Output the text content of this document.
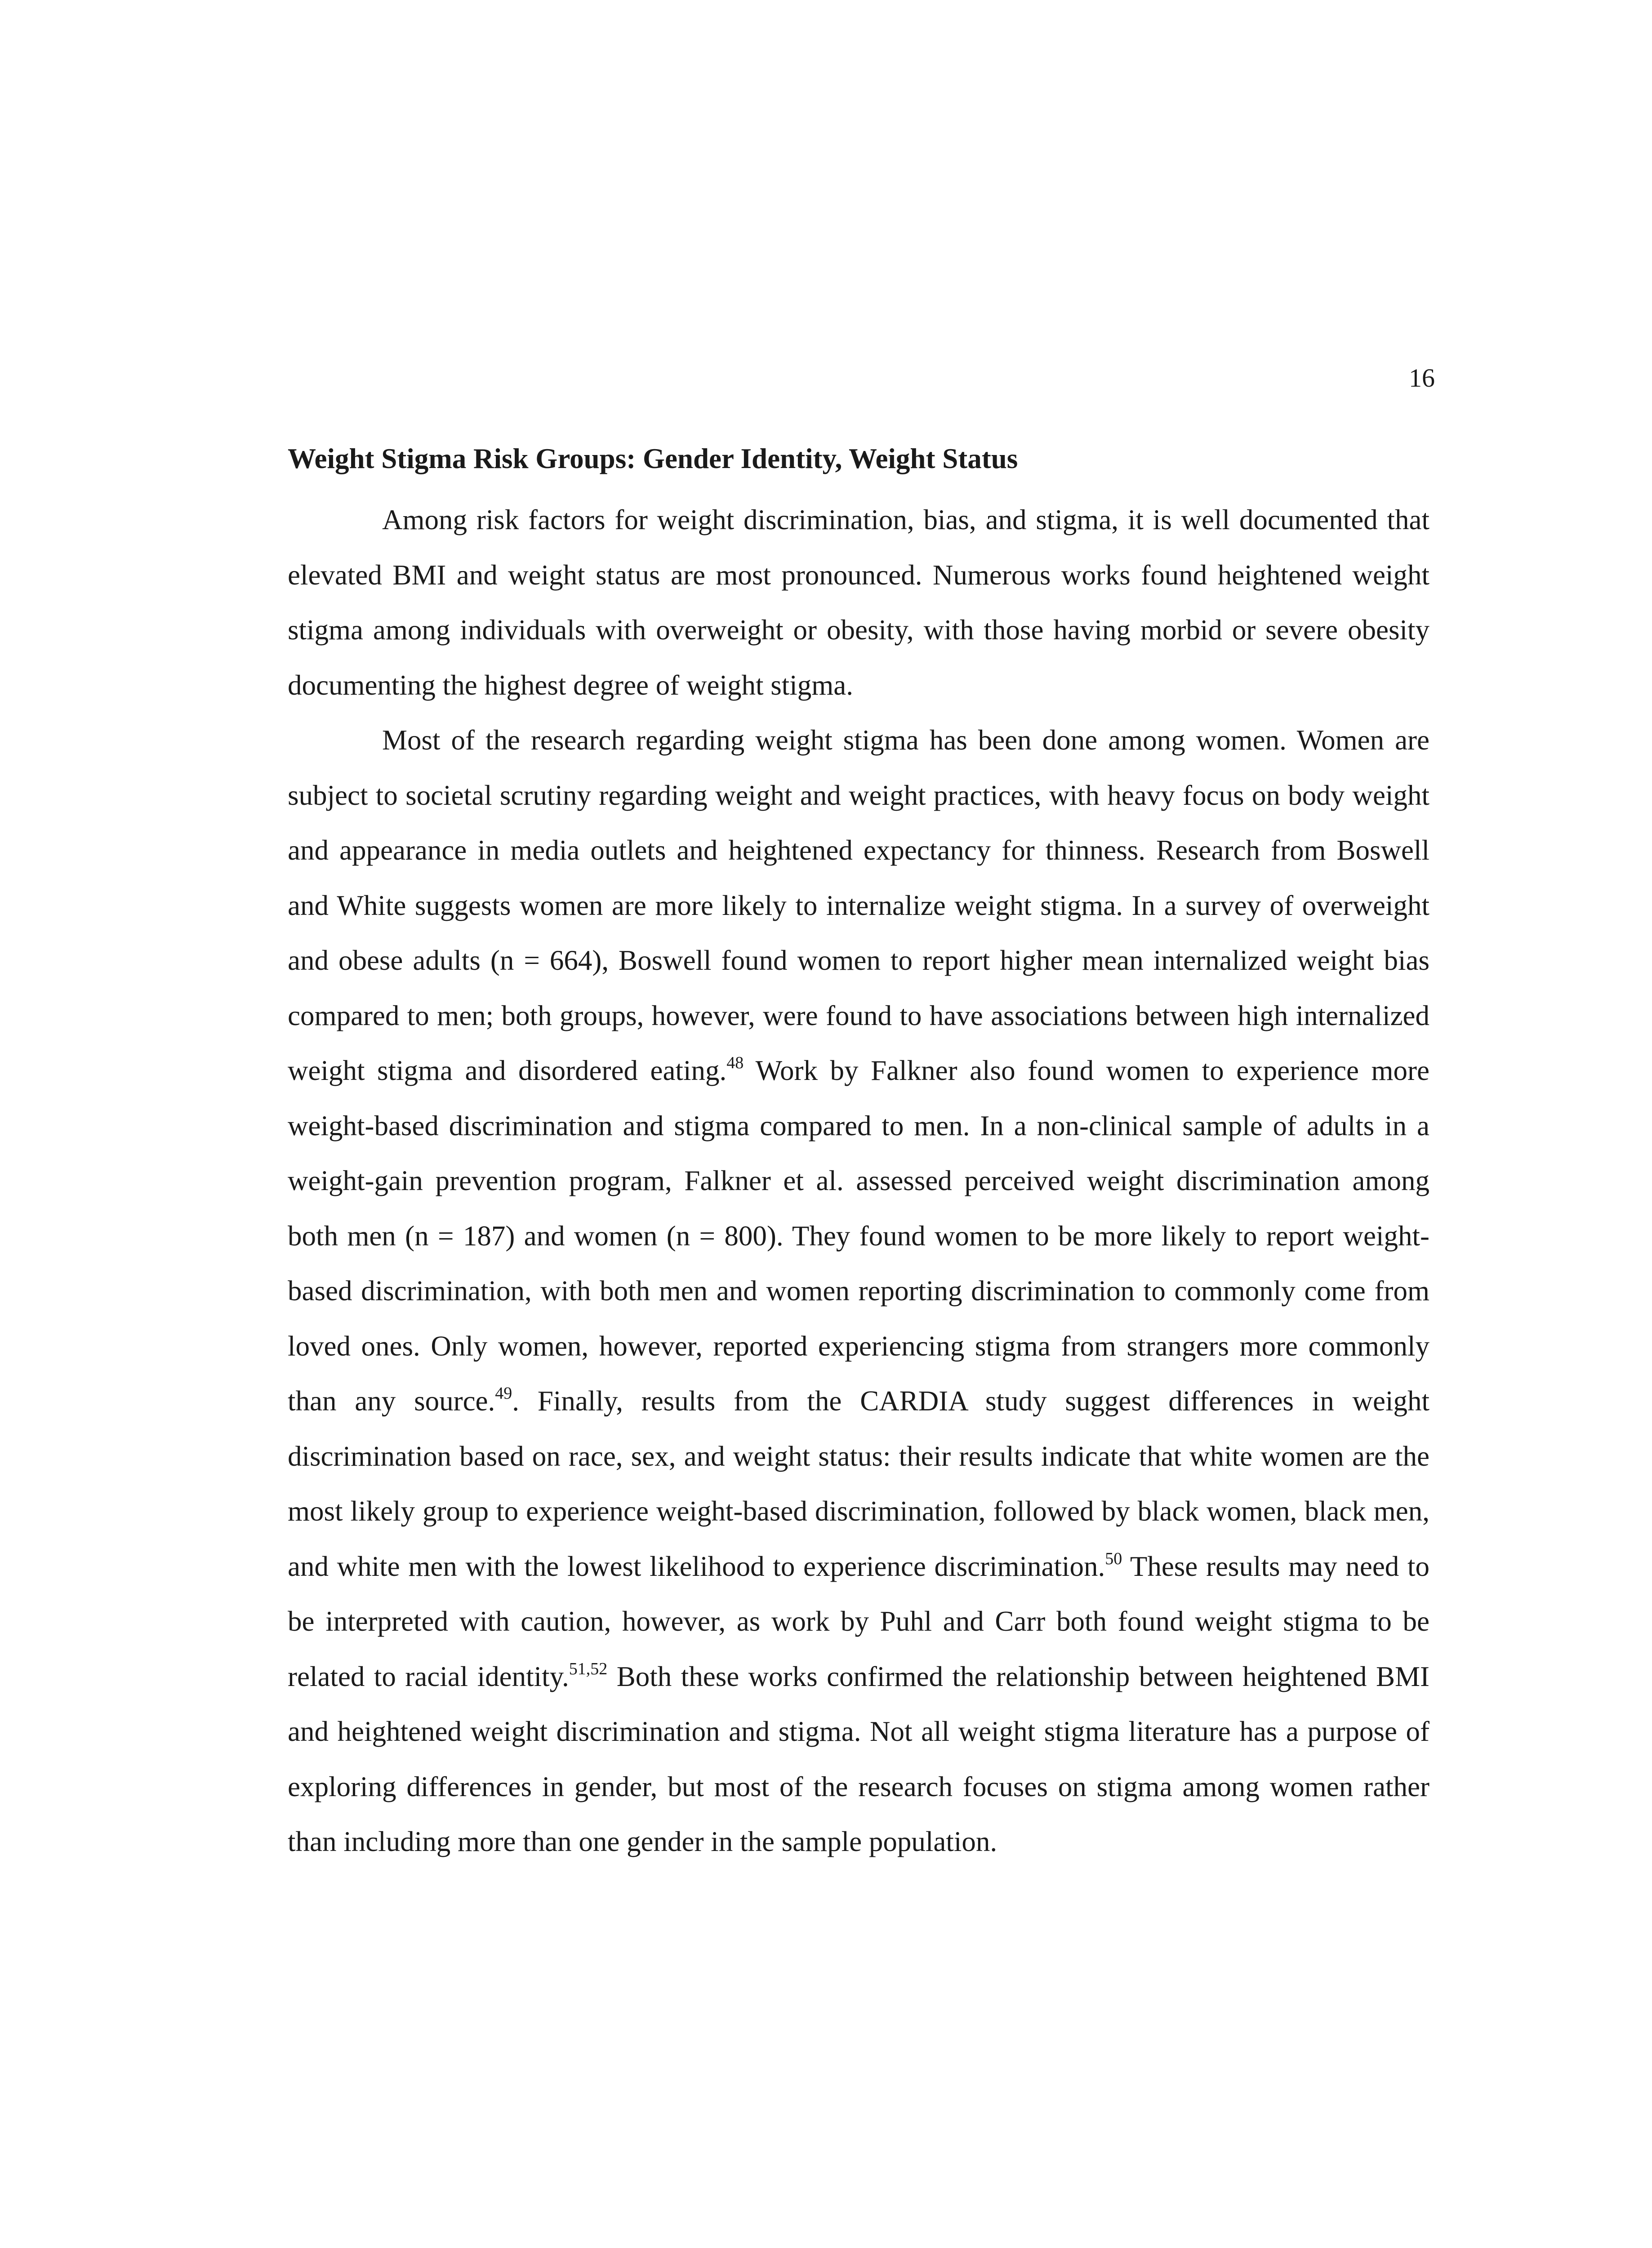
16
Weight Stigma Risk Groups: Gender Identity, Weight Status

Among risk factors for weight discrimination, bias, and stigma, it is well documented that elevated BMI and weight status are most pronounced. Numerous works found heightened weight stigma among individuals with overweight or obesity, with those having morbid or severe obesity documenting the highest degree of weight stigma.

Most of the research regarding weight stigma has been done among women. Women are subject to societal scrutiny regarding weight and weight practices, with heavy focus on body weight and appearance in media outlets and heightened expectancy for thinness. Research from Boswell and White suggests women are more likely to internalize weight stigma. In a survey of overweight and obese adults (n = 664), Boswell found women to report higher mean internalized weight bias compared to men; both groups, however, were found to have associations between high internalized weight stigma and disordered eating.$^{48}$ Work by Falkner also found women to experience more weight-based discrimination and stigma compared to men. In a non-clinical sample of adults in a weight-gain prevention program, Falkner et al. assessed perceived weight discrimination among both men (n = 187) and women (n = 800). They found women to be more likely to report weight-based discrimination, with both men and women reporting discrimination to commonly come from loved ones. Only women, however, reported experiencing stigma from strangers more commonly than any source.$^{49}$. Finally, results from the CARDIA study suggest differences in weight discrimination based on race, sex, and weight status: their results indicate that white women are the most likely group to experience weight-based discrimination, followed by black women, black men, and white men with the lowest likelihood to experience discrimination.$^{50}$ These results may need to be interpreted with caution, however, as work by Puhl and Carr both found weight stigma to be related to racial identity.$^{51,52}$ Both these works confirmed the relationship between heightened BMI and heightened weight discrimination and stigma. Not all weight stigma literature has a purpose of exploring differences in gender, but most of the research focuses on stigma among women rather than including more than one gender in the sample population.
